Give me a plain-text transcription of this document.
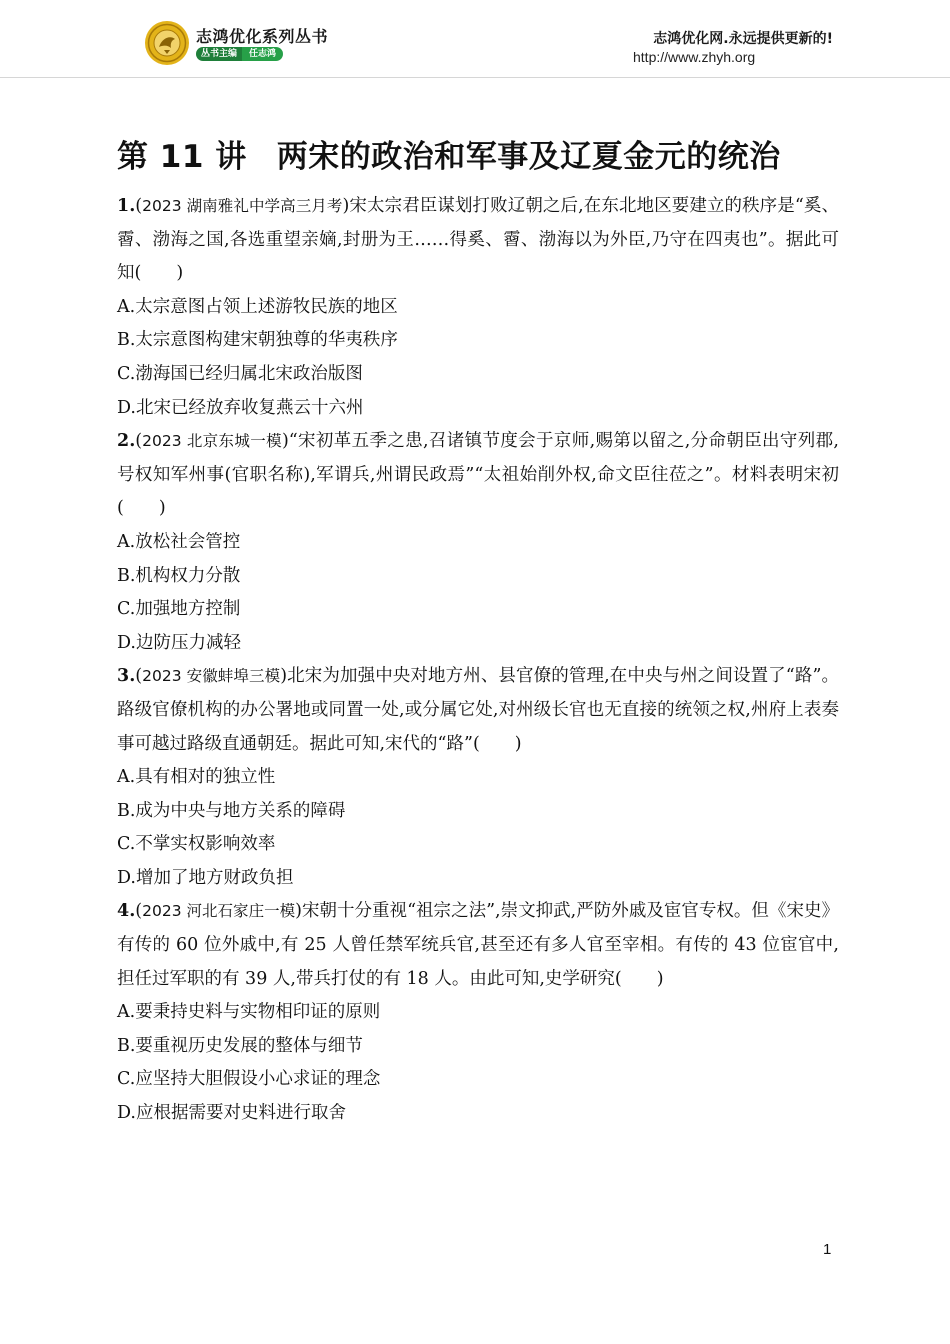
志鸿优化系列丛书
丛书主编	任志鸿
志鸿优化网.永远提供更新的!
http://www.zhyh.org
第 11 讲 两宋的政治和军事及辽夏金元的统治

1.(2023 湖南雅礼中学高三月考)宋太宗君臣谋划打败辽朝之后,在东北地区要建立的秩序是“奚、霫、渤海之国,各选重望亲嫡,封册为王……得奚、霫、渤海以为外臣,乃守在四夷也”。据此可知(　　)

A.太宗意图占领上述游牧民族的地区

B.太宗意图构建宋朝独尊的华夷秩序

C.渤海国已经归属北宋政治版图

D.北宋已经放弃收复燕云十六州

2.(2023 北京东城一模)“宋初革五季之患,召诸镇节度会于京师,赐第以留之,分命朝臣出守列郡,号权知军州事(官职名称),军谓兵,州谓民政焉”“太祖始削外权,命文臣往莅之”。材料表明宋初(　　)

A.放松社会管控

B.机构权力分散

C.加强地方控制

D.边防压力减轻

3.(2023 安徽蚌埠三模)北宋为加强中央对地方州、县官僚的管理,在中央与州之间设置了“路”。路级官僚机构的办公署地或同置一处,或分属它处,对州级长官也无直接的统领之权,州府上表奏事可越过路级直通朝廷。据此可知,宋代的“路”(　　)

A.具有相对的独立性

B.成为中央与地方关系的障碍

C.不掌实权影响效率

D.增加了地方财政负担

4.(2023 河北石家庄一模)宋朝十分重视“祖宗之法”,崇文抑武,严防外戚及宦官专权。但《宋史》有传的 60 位外戚中,有 25 人曾任禁军统兵官,甚至还有多人官至宰相。有传的 43 位宦官中,担任过军职的有 39 人,带兵打仗的有 18 人。由此可知,史学研究(　　)

A.要秉持史料与实物相印证的原则

B.要重视历史发展的整体与细节

C.应坚持大胆假设小心求证的理念

D.应根据需要对史料进行取舍

1
